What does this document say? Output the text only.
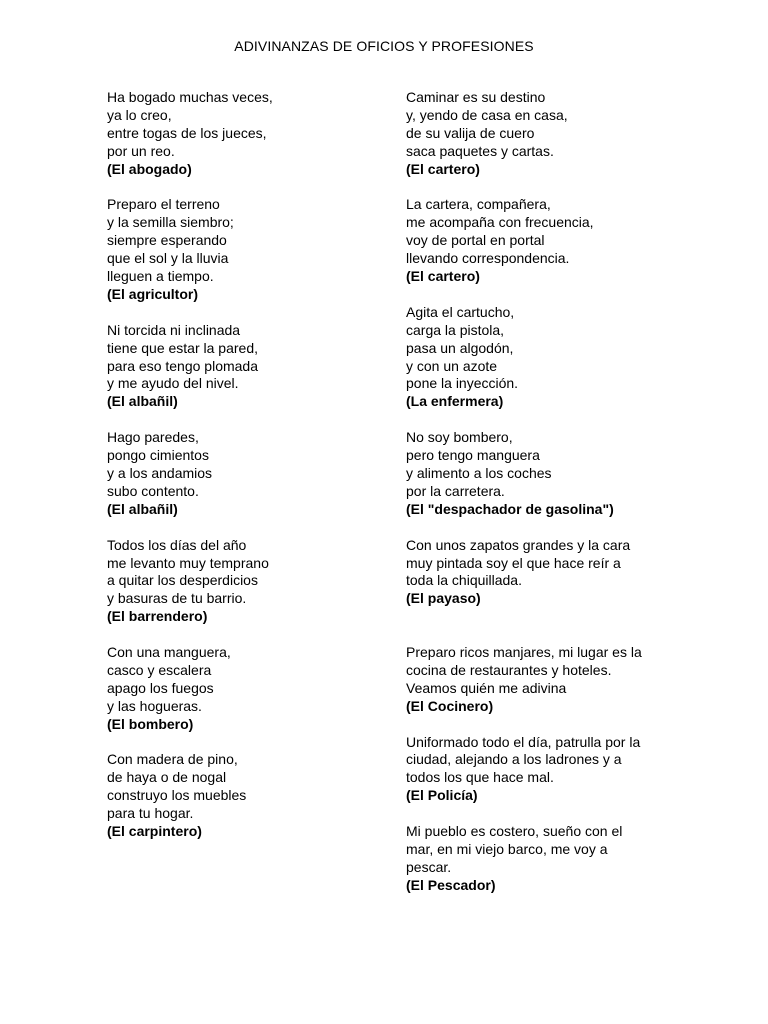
ADIVINANZAS DE OFICIOS Y PROFESIONES
Ha bogado muchas veces,
ya lo creo,
entre togas de los jueces,
por un reo.
(El abogado)
Preparo el terreno
y la semilla siembro;
siempre esperando
que el sol y la lluvia
lleguen a tiempo.
(El agricultor)
Ni torcida ni inclinada
tiene que estar la pared,
para eso tengo plomada
y me ayudo del nivel.
(El albañil)
Hago paredes,
pongo cimientos
y a los andamios
subo contento.
(El albañil)
Todos los días del año
me levanto muy temprano
a quitar los desperdicios
y basuras de tu barrio.
(El barrendero)
Con una manguera,
casco y escalera
apago los fuegos
y las hogueras.
(El bombero)
Con madera de pino,
de haya o de nogal
construyo los muebles
para tu hogar.
(El carpintero)
Caminar es su destino
y, yendo de casa en casa,
de su valija de cuero
saca paquetes y cartas.
(El cartero)
La cartera, compañera,
me acompaña con frecuencia,
voy de portal en portal
llevando correspondencia.
(El cartero)
Agita el cartucho,
carga la pistola,
pasa un algodón,
y con un azote
pone la inyección.
(La enfermera)
No soy bombero,
pero tengo manguera
y alimento a los coches
por la carretera.
(El "despachador de gasolina")
Con unos zapatos grandes y la cara
muy pintada soy el que hace reír a
toda la chiquillada.
(El payaso)
Preparo ricos manjares, mi lugar es la
cocina de restaurantes y hoteles.
Veamos quién me adivina
(El Cocinero)
Uniformado todo el día, patrulla por la
ciudad, alejando a los ladrones y a
todos los que hace mal.
(El Policía)
Mi pueblo es costero, sueño con el
mar, en mi viejo barco, me voy a
pescar.
(El Pescador)
